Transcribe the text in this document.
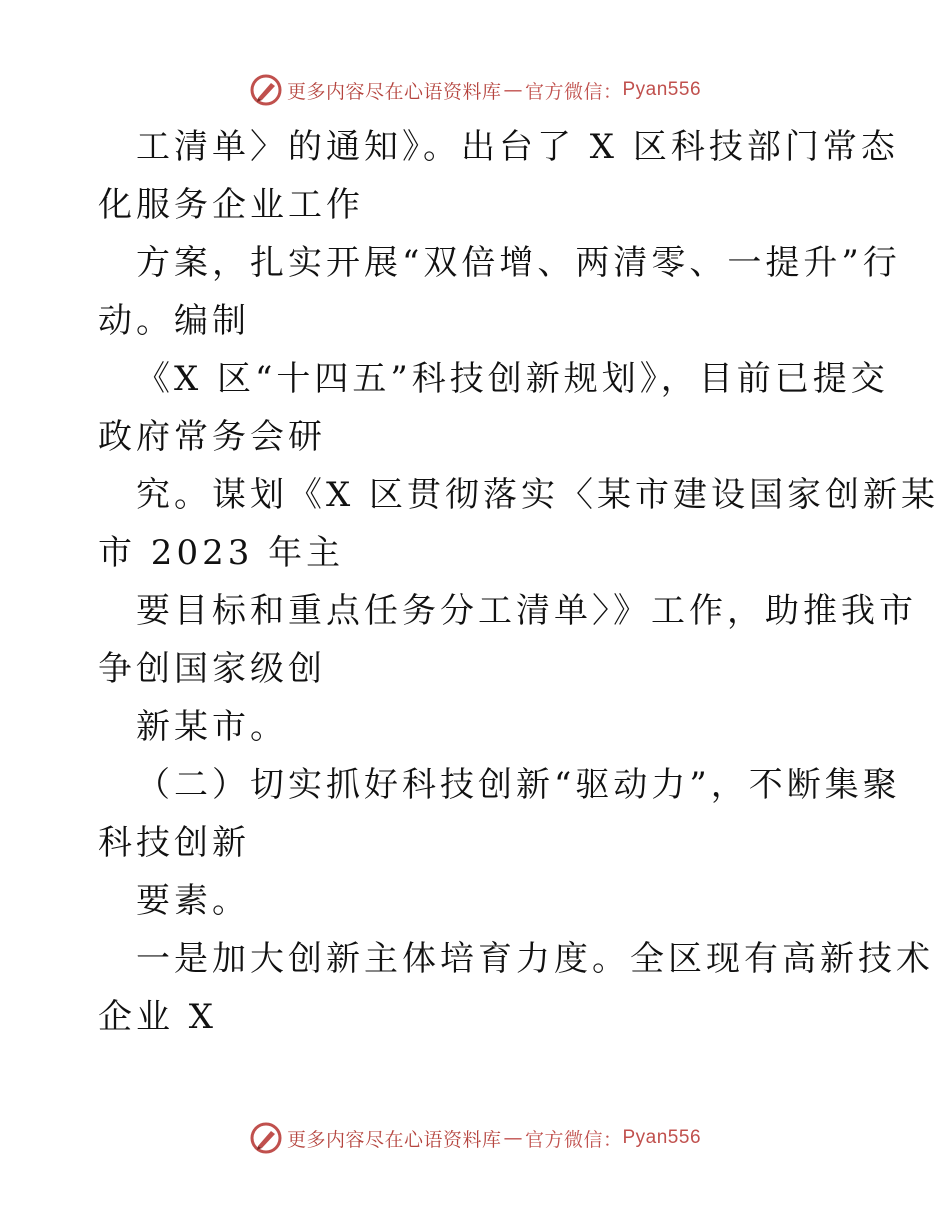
更多内容尽在心语资料库 — 官方微信： Pyan556
工清单〉的通知》。出台了 X 区科技部门常态
化服务企业工作
方案，扎实开展“双倍增、两清零、一提升”行
动。编制
《X 区“十四五”科技创新规划》，目前已提交
政府常务会研
究。谋划《X 区贯彻落实〈某市建设国家创新某
市 2023 年主
要目标和重点任务分工清单〉》工作，助推我市
争创国家级创
新某市。
（二）切实抓好科技创新“驱动力”，不断集聚
科技创新
要素。
一是加大创新主体培育力度。全区现有高新技术
企业 X
更多内容尽在心语资料库 — 官方微信： Pyan556
